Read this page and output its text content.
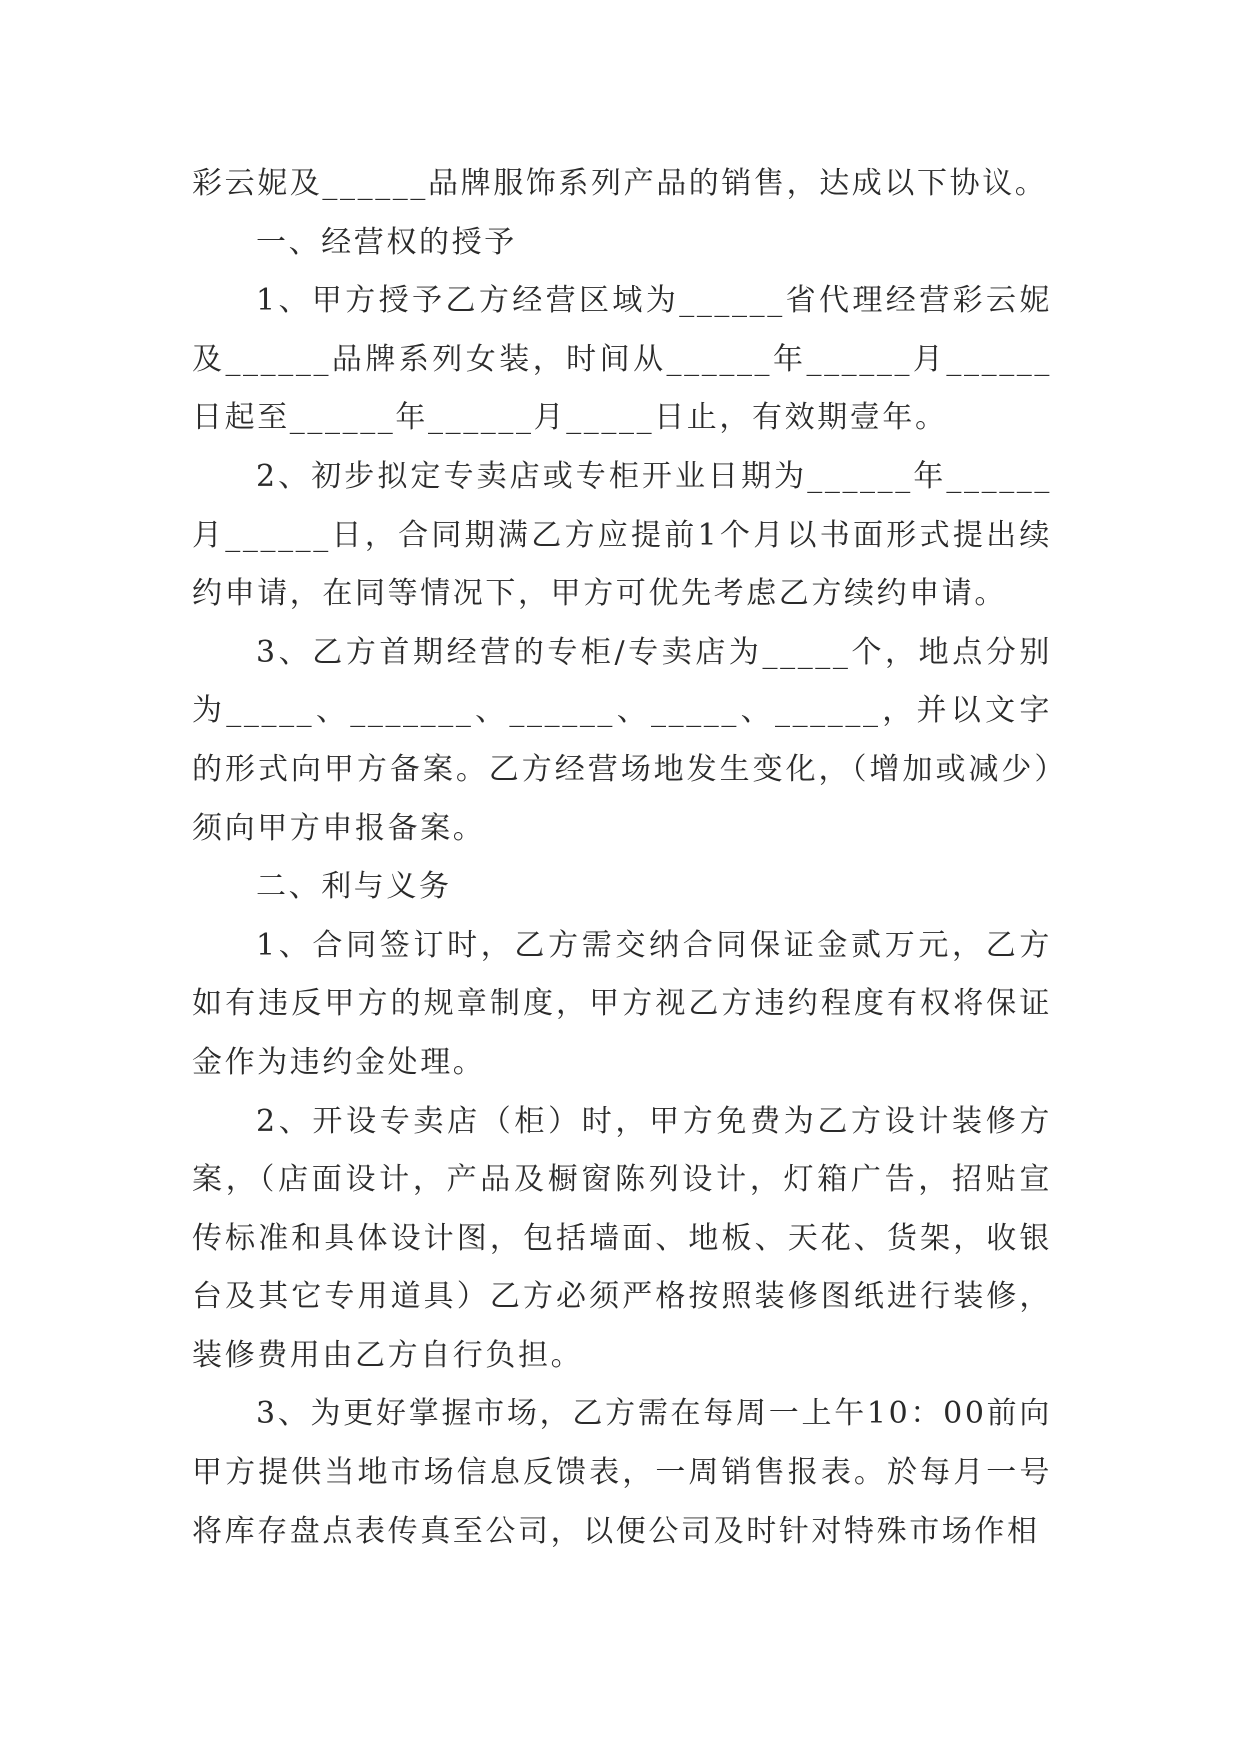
彩云妮及______品牌服饰系列产品的销售，达成以下协议。

一、经营权的授予

1、甲方授予乙方经营区域为______省代理经营彩云妮及______品牌系列女装，时间从______年______月______日起至______年______月_____日止，有效期壹年。

2、初步拟定专卖店或专柜开业日期为______年______月______日，合同期满乙方应提前1个月以书面形式提出续约申请，在同等情况下，甲方可优先考虑乙方续约申请。

3、乙方首期经营的专柜/专卖店为_____个，地点分别为_____、_______、______、_____、______，并以文字的形式向甲方备案。乙方经营场地发生变化，（增加或减少）须向甲方申报备案。

二、利与义务

1、合同签订时，乙方需交纳合同保证金贰万元，乙方如有违反甲方的规章制度，甲方视乙方违约程度有权将保证金作为违约金处理。

2、开设专卖店（柜）时，甲方免费为乙方设计装修方案，（店面设计，产品及橱窗陈列设计，灯箱广告，招贴宣传标准和具体设计图，包括墙面、地板、天花、货架，收银台及其它专用道具）乙方必须严格按照装修图纸进行装修，装修费用由乙方自行负担。

3、为更好掌握市场，乙方需在每周一上午10：00前向甲方提供当地市场信息反馈表，一周销售报表。於每月一号将库存盘点表传真至公司，以便公司及时针对特殊市场作相
